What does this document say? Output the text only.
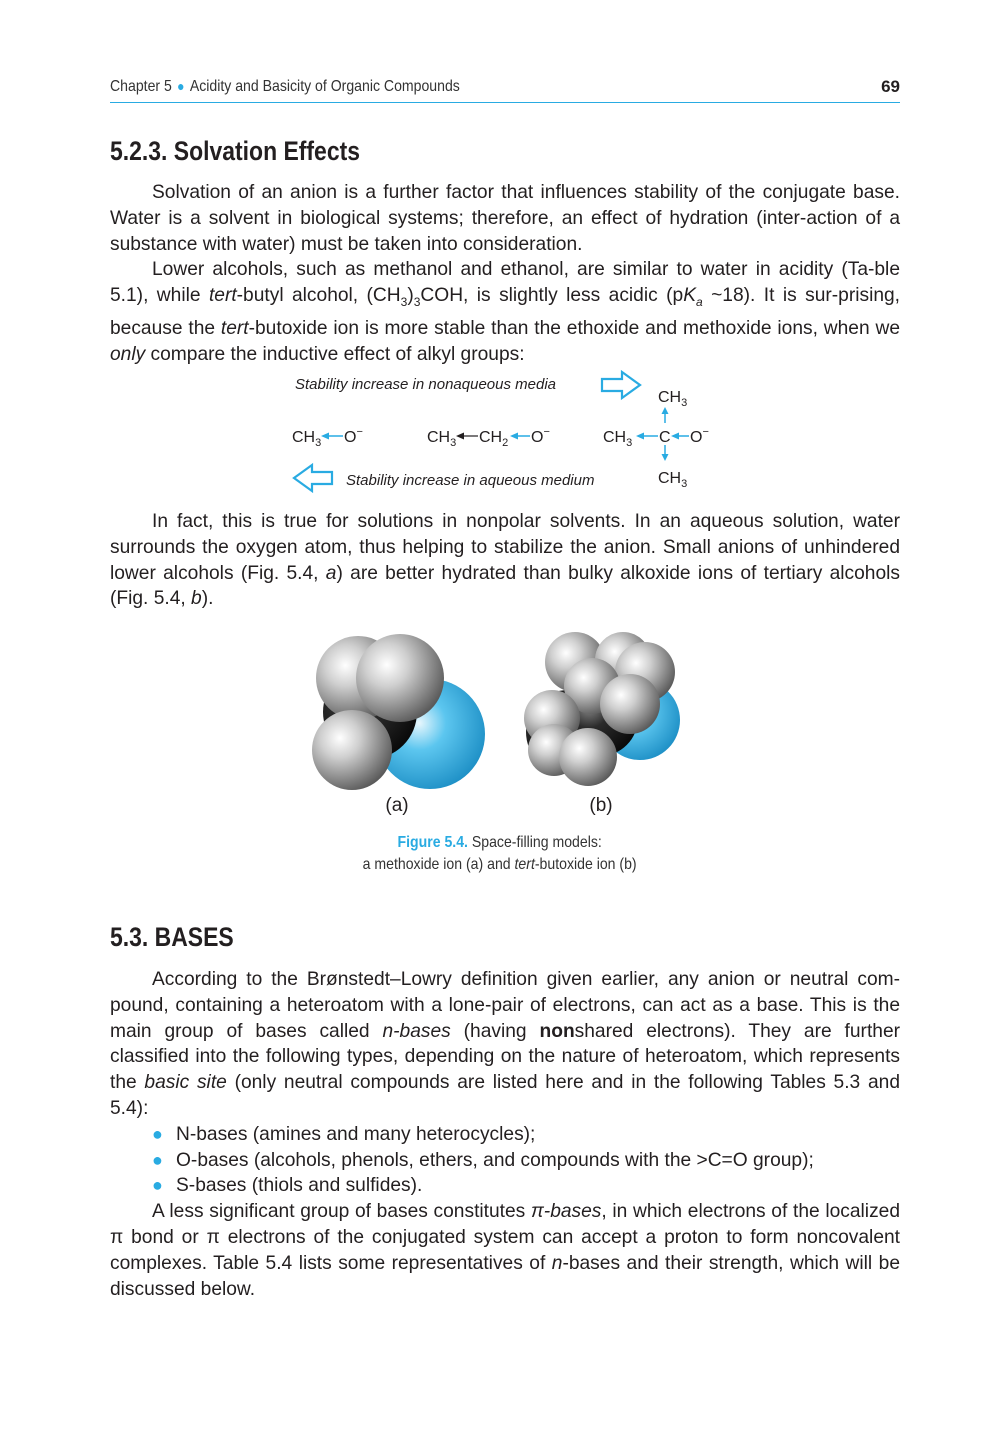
Chapter 5 ● Acidity and Basicity of Organic Compounds	69
5.2.3. Solvation Effects

Solvation of an anion is a further factor that influences stability of the conjugate base. Water is a solvent in biological systems; therefore, an effect of hydration (inter-action of a substance with water) must be taken into consideration.

Lower alcohols, such as methanol and ethanol, are similar to water in acidity (Ta-ble 5.1), while tert-butyl alcohol, $(CH_3)_3COH$, is slightly less acidic ($pK_a$ ~18). It is sur-prising, because the tert-butoxide ion is more stable than the ethoxide and methoxide ions, when we only compare the inductive effect of alkyl groups:

Stability increase in nonaqueous media
Stability increase in aqueous medium
$CH_3$ O−	$CH_3$ $CH_2$ O−	$CH_3$ C O−
$CH_3$
$CH_3$

In fact, this is true for solutions in nonpolar solvents. In an aqueous solution, water surrounds the oxygen atom, thus helping to stabilize the anion. Small anions of unhindered lower alcohols (Fig. 5.4, a) are better hydrated than bulky alkoxide ions of tertiary alcohols (Fig. 5.4, b).

(a)	(b)
Figure 5.4. Space-filling models:
a methoxide ion (a) and tert-butoxide ion (b)
5.3. BASES

According to the Brønstedt–Lowry definition given earlier, any anion or neutral com-pound, containing a heteroatom with a lone-pair of electrons, can act as a base. This is the main group of bases called n-bases (having nonshared electrons). They are further classified into the following types, depending on the nature of heteroatom, which represents the basic site (only neutral compounds are listed here and in the following Tables 5.3 and 5.4):

● N-bases (amines and many heterocycles);
● O-bases (alcohols, phenols, ethers, and compounds with the >C=O group);
● S-bases (thiols and sulfides).

A less significant group of bases constitutes π-bases, in which electrons of the localized π bond or π electrons of the conjugated system can accept a proton to form noncovalent complexes. Table 5.4 lists some representatives of n-bases and their strength, which will be discussed below.
